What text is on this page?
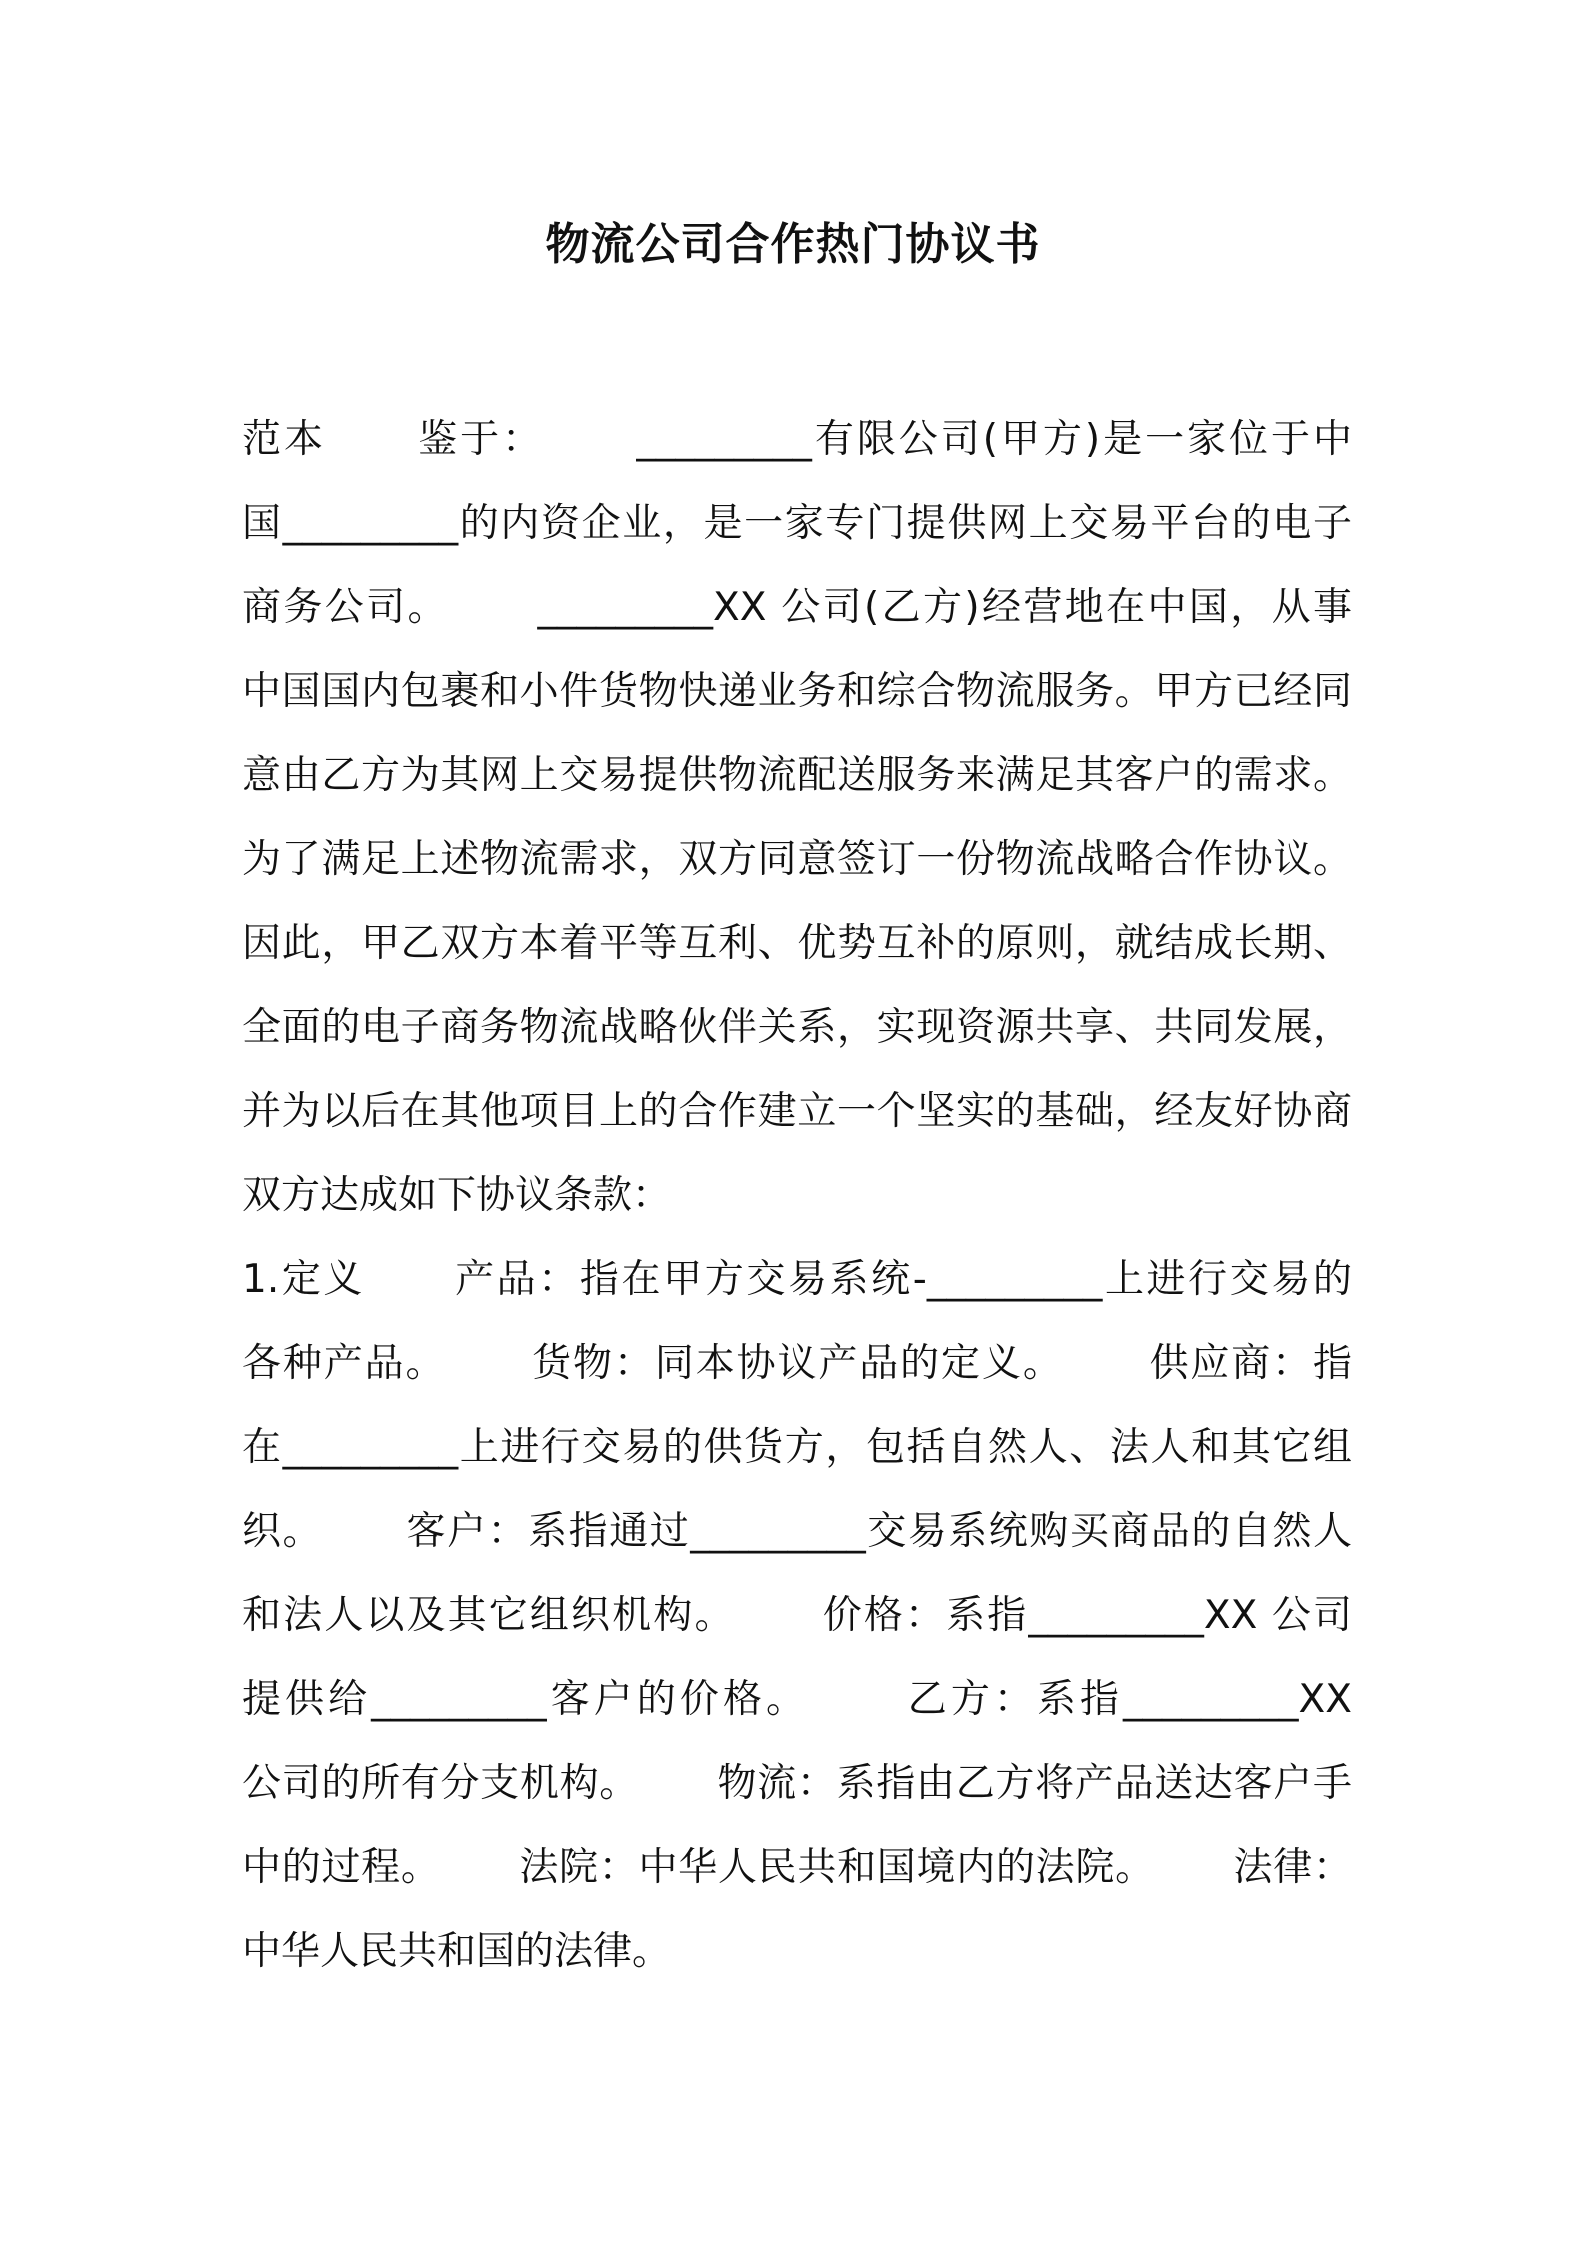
物流公司合作热门协议书
范本      鉴于：      _________有限公司(甲方)是一家位于中
国_________的内资企业，是一家专门提供网上交易平台的电子
商务公司。      _________XX 公司(乙方)经营地在中国，从事
中国国内包裹和小件货物快递业务和综合物流服务。甲方已经同
意由乙方为其网上交易提供物流配送服务来满足其客户的需求。
为了满足上述物流需求，双方同意签订一份物流战略合作协议。
因此，甲乙双方本着平等互利、优势互补的原则，就结成长期、
全面的电子商务物流战略伙伴关系，实现资源共享、共同发展，
并为以后在其他项目上的合作建立一个坚实的基础，经友好协商
双方达成如下协议条款：
1.定义      产品：指在甲方交易系统-_________上进行交易的
各种产品。      货物：同本协议产品的定义。      供应商：指
在_________上进行交易的供货方，包括自然人、法人和其它组
织。      客户：系指通过_________交易系统购买商品的自然人
和法人以及其它组织机构。      价格：系指_________XX 公司
提供给_________客户的价格。      乙方：系指_________XX
公司的所有分支机构。      物流：系指由乙方将产品送达客户手
中的过程。      法院：中华人民共和国境内的法院。      法律：
中华人民共和国的法律。
